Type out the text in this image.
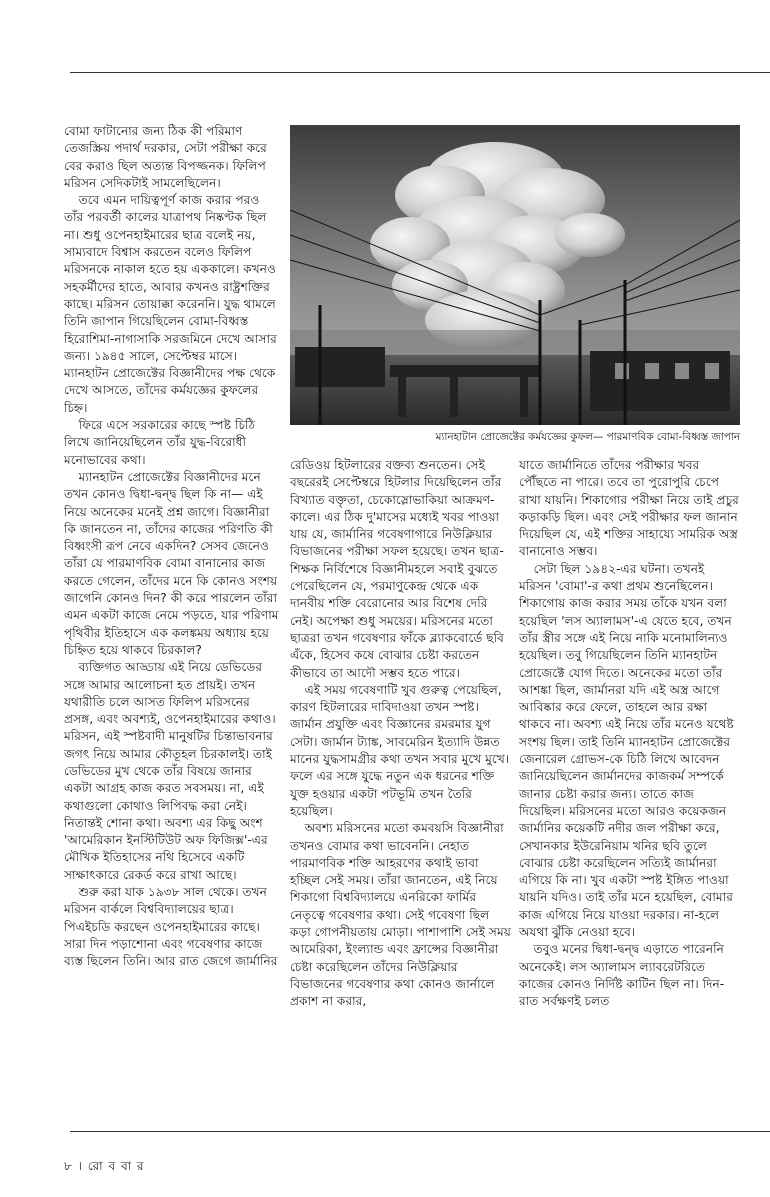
বোমা ফাটানোর জন্য ঠিক কী পরিমাণ তেজস্ক্রিয় পদার্থ দরকার, সেটা পরীক্ষা করে বের করাও ছিল অত্যন্ত বিপজ্জনক। ফিলিপ মরিসন সেদিকটাই সামলেছিলেন।

তবে এমন দায়িত্বপূর্ণ কাজ করার পরও তাঁর পরবর্তী কালের যাত্রাপথ নিষ্কণ্টক ছিল না। শুধু ওপেনহাইমারের ছাত্র বলেই নয়, সাম্যবাদে বিশ্বাস করতেন বলেও ফিলিপ মরিসনকে নাকাল হতে হয় এককালে। কখনও সহকর্মীদের হাতে, আবার কখনও রাষ্ট্রশক্তির কাছে। মরিসন তোয়াক্কা করেননি। যুদ্ধ থামলে তিনি জাপান গিয়েছিলেন বোমা-বিধ্বস্ত হিরোশিমা-নাগাসাকি সরজমিনে দেখে আসার জন্য। ১৯৪৫ সালে, সেপ্টেম্বর মাসে। ম্যানহাটন প্রোজেক্টের বিজ্ঞানীদের পক্ষ থেকে দেখে আসতে, তাঁদের কর্মযজ্ঞের কুফলের চিহ্ন।

ফিরে এসে সরকারের কাছে স্পষ্ট চিঠি লিখে জানিয়েছিলেন তাঁর যুদ্ধ-বিরোধী মনোভাবের কথা।

ম্যানহাটন প্রোজেক্টের বিজ্ঞানীদের মনে তখন কোনও দ্বিধা-দ্বন্দ্ব ছিল কি না— এই নিয়ে অনেকের মনেই প্রশ্ন জাগে। বিজ্ঞানীরা কি জানতেন না, তাঁদের কাজের পরিণতি কী বিধ্বংসী রূপ নেবে একদিন? সেসব জেনেও তাঁরা যে পারমাণবিক বোমা বানানোর কাজ করতে গেলেন, তাঁদের মনে কি কোনও সংশয় জাগেনি কোনও দিন? কী করে পারলেন তাঁরা এমন একটা কাজে নেমে পড়তে, যার পরিণাম পৃথিবীর ইতিহাসে এক কলঙ্কময় অধ্যায় হয়ে চিহ্নিত হয়ে থাকবে চিরকাল?

ব্যক্তিগত আড্ডায় এই নিয়ে ডেভিডের সঙ্গে আমার আলোচনা হত প্রায়ই। তখন যথারীতি চলে আসত ফিলিপ মরিসনের প্রসঙ্গ, এবং অবশ্যই, ওপেনহাইমারের কথাও। মরিসন, এই স্পষ্টবাদী মানুষটির চিন্তাভাবনার জগৎ নিয়ে আমার কৌতূহল চিরকালই। তাই ডেভিডের মুখ থেকে তাঁর বিষয়ে জানার একটা আগ্রহ কাজ করত সবসময়। না, এই কথাগুলো কোথাও লিপিবদ্ধ করা নেই। নিতান্তই শোনা কথা। অবশ্য এর কিছু অংশ 'আমেরিকান ইনস্টিটিউট অফ ফিজিক্স'-এর মৌখিক ইতিহাসের নথি হিসেবে একটি সাক্ষাৎকারে রেকর্ড করে রাখা আছে।

শুরু করা যাক ১৯৩৮ সাল থেকে। তখন মরিসন বার্কলে বিশ্ববিদ্যালয়ের ছাত্র। পিএইচডি করছেন ওপেনহাইমারের কাছে। সারা দিন পড়াশোনা এবং গবেষণার কাজে ব্যস্ত ছিলেন তিনি। আর রাত জেগে জার্মানির

ম্যানহাটান প্রোজেক্টের কর্মযজ্ঞের কুফল— পারমাণবিক বোমা-বিধ্বস্ত জাপান

রেডিওয় হিটলারের বক্তব্য শুনতেন। সেই বছরেরই সেপ্টেম্বরে হিটলার দিয়েছিলেন তাঁর বিখ্যাত বক্তৃতা, চেকোস্লোভাকিয়া আক্রমণ-কালে। এর ঠিক দু'মাসের মধ্যেই খবর পাওয়া যায় যে, জার্মানির গবেষণাগারে নিউক্লিয়ার বিভাজনের পরীক্ষা সফল হয়েছে। তখন ছাত্র-শিক্ষক নির্বিশেষে বিজ্ঞানীমহলে সবাই বুঝতে পেরেছিলেন যে, পরমাণুকেন্দ্র থেকে এক দানবীয় শক্তি বেরোনোর আর বিশেষ দেরি নেই। অপেক্ষা শুধু সময়ের। মরিসনের মতো ছাত্ররা তখন গবেষণার ফাঁকে ব্ল্যাকবোর্ডে ছবি এঁকে, হিসেব কষে বোঝার চেষ্টা করতেন কীভাবে তা আদৌ সম্ভব হতে পারে।

এই সময় গবেষণাটি খুব গুরুত্ব পেয়েছিল, কারণ হিটলারের দাবিদাওয়া তখন স্পষ্ট। জার্মান প্রযুক্তি এবং বিজ্ঞানের রমরমার যুগ সেটা। জার্মান ট্যাঙ্ক, সাবমেরিন ইত্যাদি উন্নত মানের যুদ্ধসামগ্রীর কথা তখন সবার মুখে মুখে। ফলে এর সঙ্গে যুদ্ধে নতুন এক ধরনের শক্তি যুক্ত হওয়ার একটা পটভূমি তখন তৈরি হয়েছিল।

অবশ্য মরিসনের মতো কমবয়সি বিজ্ঞানীরা তখনও বোমার কথা ভাবেননি। নেহাত পারমাণবিক শক্তি আহরণের কথাই ভাবা হচ্ছিল সেই সময়। তাঁরা জানতেন, এই নিয়ে শিকাগো বিশ্ববিদ্যালয়ে এনরিকো ফার্মির নেতৃত্বে গবেষণার কথা। সেই গবেষণা ছিল কড়া গোপনীয়তায় মোড়া। পাশাপাশি সেই সময় আমেরিকা, ইংল্যান্ড এবং ফ্রান্সের বিজ্ঞানীরা চেষ্টা করেছিলেন তাঁদের নিউক্লিয়ার বিভাজনের গবেষণার কথা কোনও জার্নালে প্রকাশ না করার,

যাতে জার্মানিতে তাঁদের পরীক্ষার খবর পৌঁছতে না পারে। তবে তা পুরোপুরি চেপে রাখা যায়নি। শিকাগোর পরীক্ষা নিয়ে তাই প্রচুর কড়াকড়ি ছিল। এবং সেই পরীক্ষার ফল জানান দিয়েছিল যে, এই শক্তির সাহায্যে সামরিক অস্ত্র বানানোও সম্ভব।

সেটা ছিল ১৯৪২-এর ঘটনা। তখনই মরিসন 'বোমা'-র কথা প্রথম শুনেছিলেন। শিকাগোয় কাজ করার সময় তাঁকে যখন বলা হয়েছিল 'লস অ্যালামস'-এ যেতে হবে, তখন তাঁর স্ত্রীর সঙ্গে এই নিয়ে নাকি মনোমালিন্যও হয়েছিল। তবু গিয়েছিলেন তিনি ম্যানহাটন প্রোজেক্টে যোগ দিতে। অনেকের মতো তাঁর আশঙ্কা ছিল, জার্মানরা যদি এই অস্ত্র আগে আবিষ্কার করে ফেলে, তাহলে আর রক্ষা থাকবে না। অবশ্য এই নিয়ে তাঁর মনেও যথেষ্ট সংশয় ছিল। তাই তিনি ম্যানহাটন প্রোজেক্টের জেনারেল গ্রোভস-কে চিঠি লিখে আবেদন জানিয়েছিলেন জার্মানদের কাজকর্ম সম্পর্কে জানার চেষ্টা করার জন্য। তাতে কাজ দিয়েছিল। মরিসনের মতো আরও কয়েকজন জার্মানির কয়েকটি নদীর জল পরীক্ষা করে, সেখানকার ইউরেনিয়াম খনির ছবি তুলে বোঝার চেষ্টা করেছিলেন সত্যিই জার্মানরা এগিয়ে কি না। খুব একটা স্পষ্ট ইঙ্গিত পাওয়া যায়নি যদিও। তাই তাঁর মনে হয়েছিল, বোমার কাজ এগিয়ে নিয়ে যাওয়া দরকার। না-হলে অযথা ঝুঁকি নেওয়া হবে।

তবুও মনের দ্বিধা-দ্বন্দ্ব এড়াতে পারেননি অনেকেই। লস অ্যালামস ল্যাবরেটরিতে কাজের কোনও নির্দিষ্ট কাটিন ছিল না। দিন-রাত সর্বক্ষণই চলত

৮ । রো ব বা র
